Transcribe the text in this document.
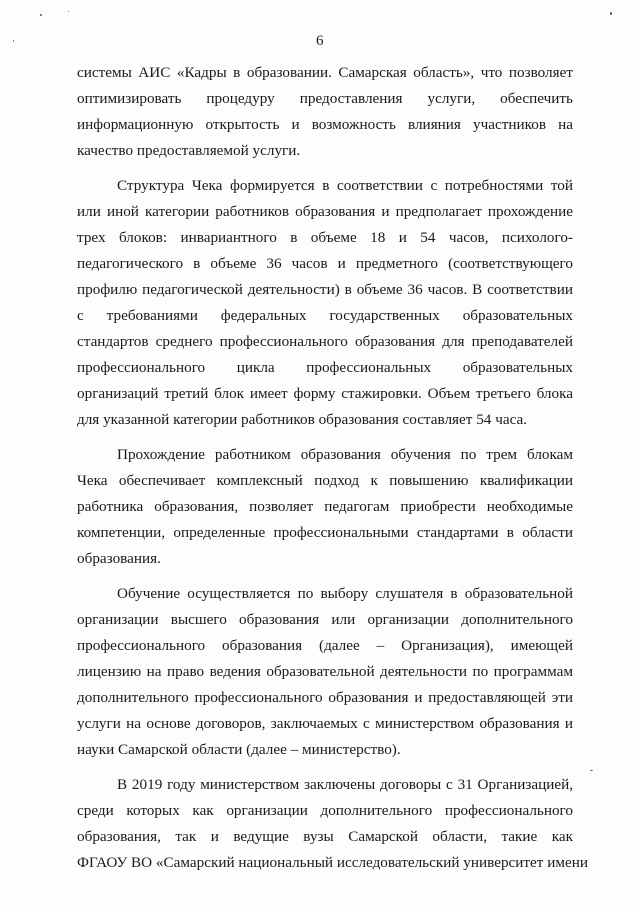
6

системы АИС «Кадры в образовании. Самарская область», что позволяет
оптимизировать процедуру предоставления услуги, обеспечить
информационную открытость и возможность влияния участников на
качество предоставляемой услуги.

Структура Чека формируется в соответствии с потребностями той
или иной категории работников образования и предполагает прохождение
трех блоков: инвариантного в объеме 18 и 54 часов, психолого-
педагогического в объеме 36 часов и предметного (соответствующего
профилю педагогической деятельности) в объеме 36 часов. В соответствии
с требованиями федеральных государственных образовательных
стандартов среднего профессионального образования для преподавателей
профессионального цикла профессиональных образовательных
организаций третий блок имеет форму стажировки. Объем третьего блока
для указанной категории работников образования составляет 54 часа.

Прохождение работником образования обучения по трем блокам
Чека обеспечивает комплексный подход к повышению квалификации
работника образования, позволяет педагогам приобрести необходимые
компетенции, определенные профессиональными стандартами в области
образования.

Обучение осуществляется по выбору слушателя в образовательной
организации высшего образования или организации дополнительного
профессионального образования (далее – Организация), имеющей
лицензию на право ведения образовательной деятельности по программам
дополнительного профессионального образования и предоставляющей эти
услуги на основе договоров, заключаемых с министерством образования и
науки Самарской области (далее – министерство).

В 2019 году министерством заключены договоры с 31 Организацией,
среди которых как организации дополнительного профессионального
образования, так и ведущие вузы Самарской области, такие как
ФГАОУ ВО «Самарский национальный исследовательский университет имени
